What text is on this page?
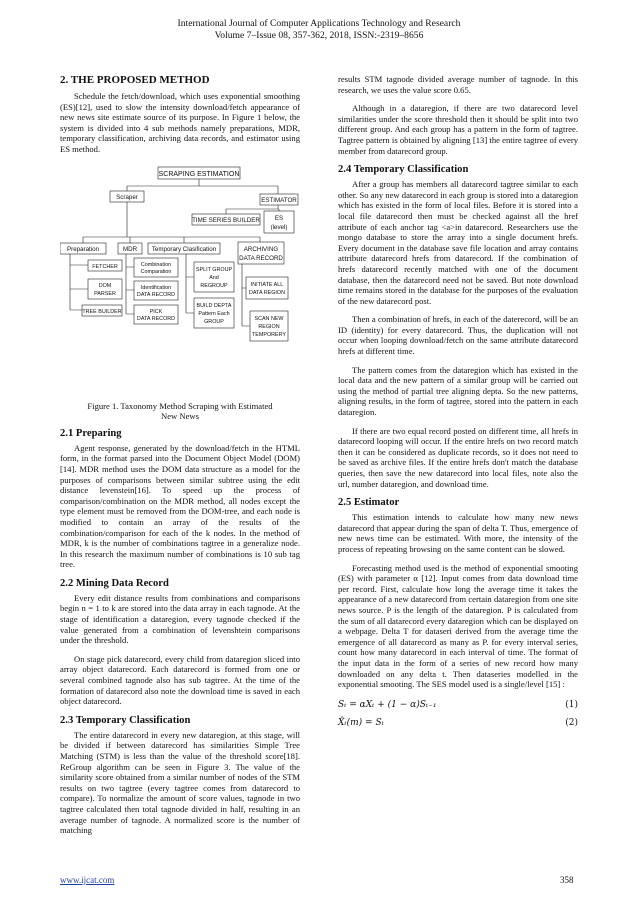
International Journal of Computer Applications Technology and Research
Volume 7–Issue 08, 357-362, 2018, ISSN:-2319–8656
2. THE PROPOSED METHOD

Schedule the fetch/download, which uses exponential smoothing (ES)[12], used to slow the intensity download/fetch appearance of new news site estimate source of its purpose. In Figure 1 below, the system is divided into 4 sub methods namely preparations, MDR, temporary classification, archiving data records, and estimator using ES method.

SCRAPING ESTIMATION
Scraper	ESTIMATOR
TIME SERIES BUILDER ES
(level)
Preparation	MDR Temporary Clasification	ARCHIVING
DATA RECORD
FETCHER
DOM
PARSER
TREE BUILDER
Combination
Comparation
Identification
DATA RECORD
PICK
DATA RECORD
SPLIT GROUP
And
REGROUP
BUILD DEPTA
Pattern Each
GROUP
INITIATE ALL
DATA REGION
SCAN NEW
REGION
TEMPORERY
Figure 1. Taxonomy Method Scraping with Estimated
New News
2.1 Preparing

Agent response, generated by the download/fetch in the HTML form, in the format parsed into the Document Object Model (DOM) [14]. MDR method uses the DOM data structure as a model for the purposes of comparisons between similar subtree using the edit distance levenstein[16]. To speed up the process of comparison/combination on the MDR method, all nodes except the type element must be removed from the DOM-tree, and each node is modified to contain an array of the results of the combination/comparison for each of the k nodes. In the method of MDR, k is the number of combinations tagtree in a generalize node. In this research the maximum number of combinations is 10 sub tag tree.

2.2 Mining Data Record

Every edit distance results from combinations and comparisons begin n = 1 to k are stored into the data array in each tagnode. At the stage of identification a dataregion, every tagnode checked if the value generated from a combination of levenshtein comparisons under the threshold.

On stage pick datarecord, every child from dataregion sliced into array object datarecord. Each datarecord is formed from one or several combined tagnode also has sub tagtree. At the time of the formation of datarecord also note the download time is saved in each object datarecord.

2.3 Temporary Classification

The entire datarecord in every new dataregion, at this stage, will be divided if between datarecord has similarities Simple Tree Matching (STM) is less than the value of the threshold score[18]. ReGroup algorithm can be seen in Figure 3. The value of the similarity score obtained from a similar number of nodes of the STM results on two tagtree (every tagtree comes from datarecord to compare). To normalize the amount of score values, tagnode in two tagtree calculated then total tagnode divided in half, resulting in an average number of tagnode. A normalized score is the number of matching

results STM tagnode divided average number of tagnode. In this research, we uses the value score 0.65.

Although in a dataregion, if there are two datarecord level similarities under the score threshold then it should be split into two different group. And each group has a pattern in the form of tagtree. Tagtree pattern is obtained by aligning [13] the entire tagtree of every member from datarecord group.

2.4 Temporary Classification

After a group has members all datarecord tagtree similar to each other. So any new datarecord in each group is stored into a dataregion which has existed in the form of local files. Before it is stored into a local file datarecord then must be checked against all the href attribute of each anchor tag <a>in datarecord. Researchers use the mongo database to store the array into a single document hrefs. Every document in the database save file location and array contains attribute datarecord hrefs from datarecord. If the combination of hrefs datarecord recently matched with one of the document database, then the datarecord need not be saved. But note download time remains stored in the database for the purposes of the evaluation of the new datarecord post.

Then a combination of hrefs, in each of the daterecord, will be an ID (identity) for every datarecord. Thus, the duplication will not occur when looping download/fetch on the same attribute datarecord hrefs at different time.

The pattern comes from the dataregion which has existed in the local data and the new pattern of a similar group will be carried out using the method of partial tree aligning depta. So the new patterns, aligning results, in the form of tagtree, stored into the pattern in each dataregion.

If there are two equal record posted on different time, all hrefs in datarecord looping will occur. If the entire hrefs on two record match then it can be considered as duplicate records, so it does not need to be saved as archive files. If the entire hrefs don't match the database queries, then save the new datarecord into local files, note also the url, number dataregion, and download time.

2.5 Estimator

This estimation intends to calculate how many new news datarecord that appear during the span of delta T. Thus, emergence of new news time can be estimated. With more, the intensity of the process of repeating browsing on the same content can be slowed.

Forecasting method used is the method of exponential smooting (ES) with parameter α [12]. Input comes from data download time per record. First, calculate how long the average time it takes the appearance of a new datarecord from certain dataregion from one site news source. P is the length of the dataregion. P is calculated from the sum of all datarecord every dataregion which can be displayed on a webpage. Delta T for dataseri derived from the average time the emergence of all datarecord as many as P. for every interval series, count how many datarecord in each interval of time. The format of the input data in the form of a series of new record how many downloaded on any delta t. Then dataseries modelled in the exponential smooting. The SES model used is a single/level [15] :

Sₜ = αXₜ + (1 − α)Sₜ₋₁	(1)
X̂ₜ(m) = Sₜ	(2)
www.ijcat.com	358
